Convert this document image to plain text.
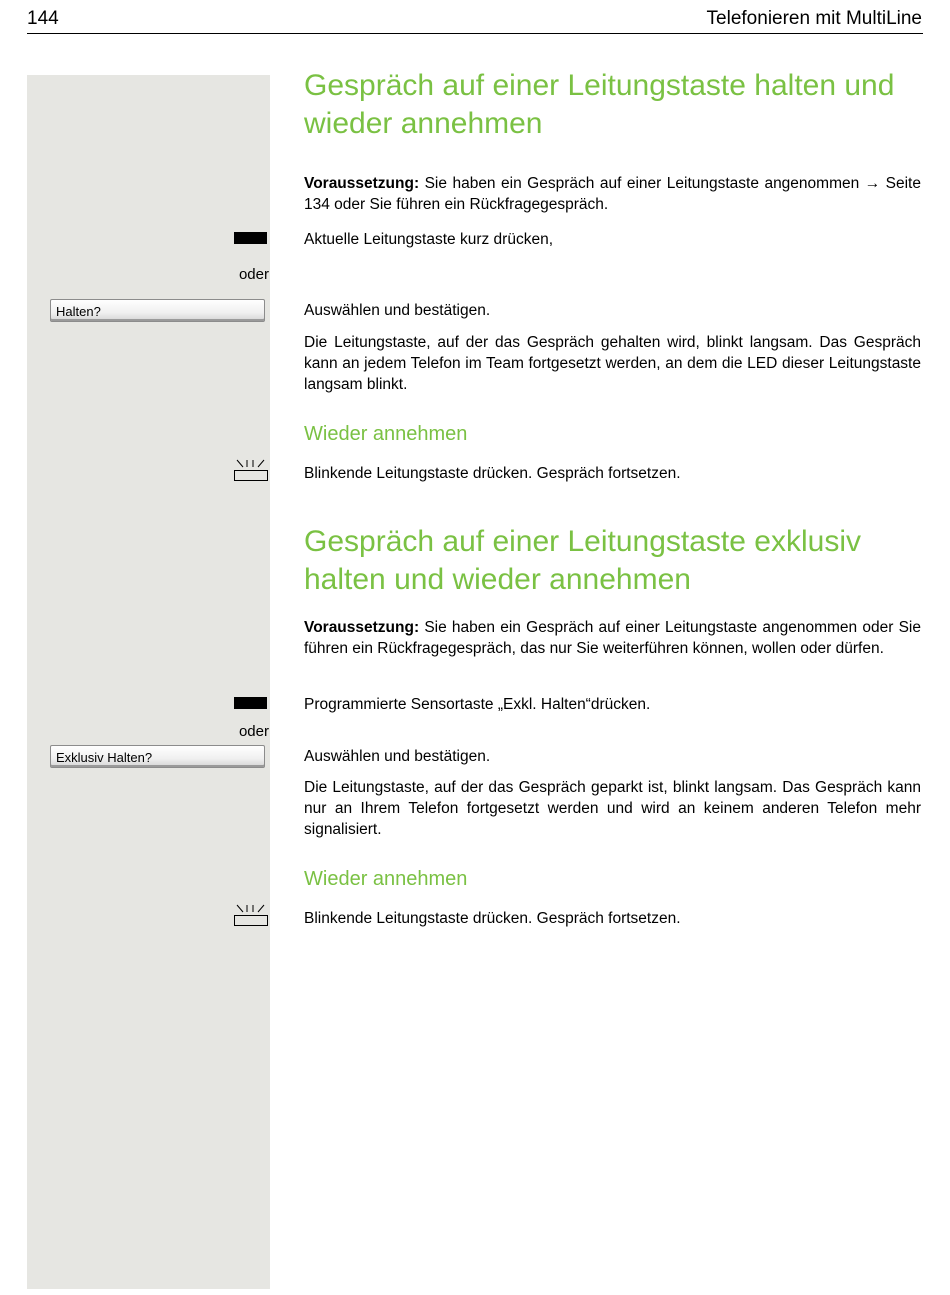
144	Telefonieren mit MultiLine
Gespräch auf einer Leitungstaste halten und wieder annehmen
Voraussetzung: Sie haben ein Gespräch auf einer Leitungstaste angenommen → Seite 134 oder Sie führen ein Rückfragegespräch.
Aktuelle Leitungstaste kurz drücken,
oder
Halten?	Auswählen und bestätigen.
Die Leitungstaste, auf der das Gespräch gehalten wird, blinkt langsam. Das Gespräch kann an jedem Telefon im Team fortgesetzt werden, an dem die LED dieser Leitungstaste langsam blinkt.
Wieder annehmen
Blinkende Leitungstaste drücken. Gespräch fortsetzen.
Gespräch auf einer Leitungstaste exklusiv halten und wieder annehmen
Voraussetzung: Sie haben ein Gespräch auf einer Leitungstaste angenommen oder Sie führen ein Rückfragegespräch, das nur Sie weiterführen können, wollen oder dürfen.
Programmierte Sensortaste „Exkl. Halten“drücken.
oder
Exklusiv Halten?	Auswählen und bestätigen.
Die Leitungstaste, auf der das Gespräch geparkt ist, blinkt langsam. Das Gespräch kann nur an Ihrem Telefon fortgesetzt werden und wird an keinem anderen Telefon mehr signalisiert.
Wieder annehmen
Blinkende Leitungstaste drücken. Gespräch fortsetzen.
